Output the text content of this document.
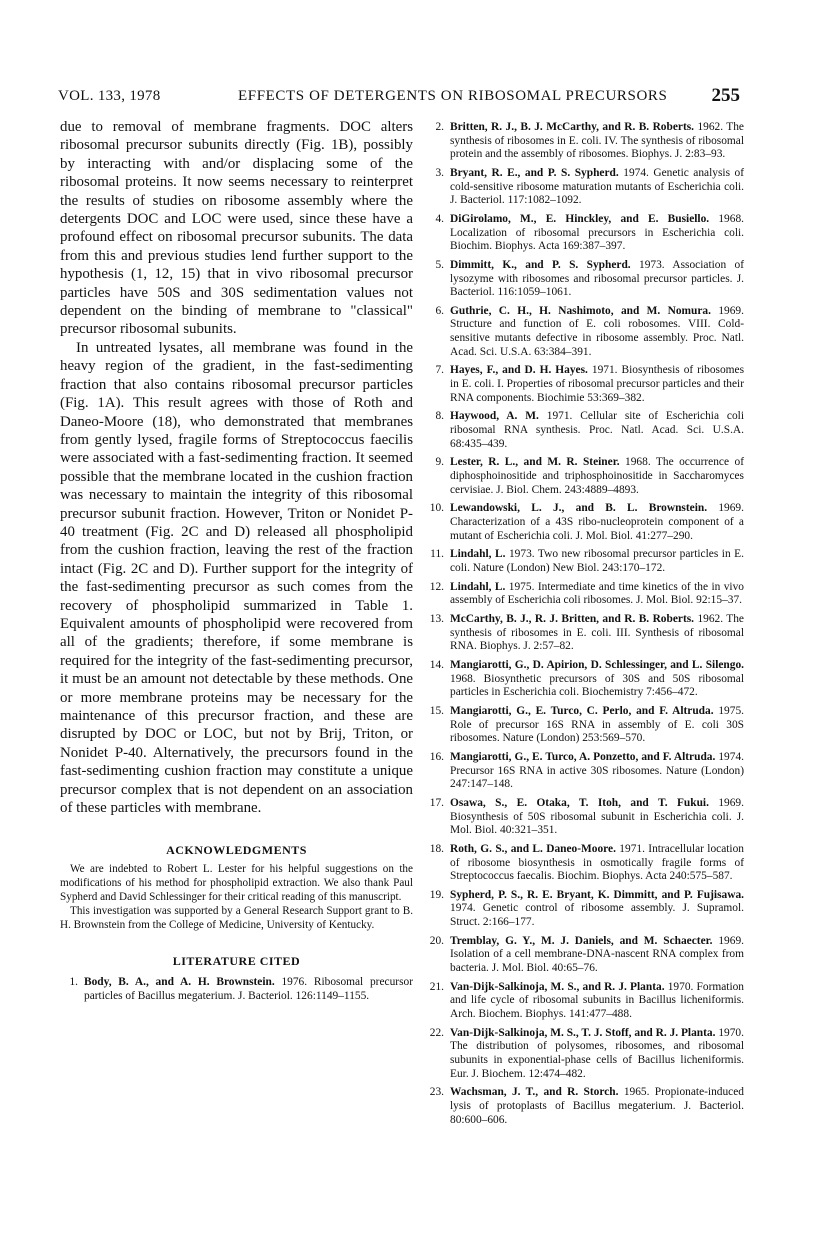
VOL. 133, 1978	EFFECTS OF DETERGENTS ON RIBOSOMAL PRECURSORS 255

due to removal of membrane fragments. DOC alters ribosomal precursor subunits directly (Fig. 1B), possibly by interacting with and/or displacing some of the ribosomal proteins. It now seems necessary to reinterpret the results of studies on ribosome assembly where the detergents DOC and LOC were used, since these have a profound effect on ribosomal precursor subunits. The data from this and previous studies lend further support to the hypothesis (1, 12, 15) that in vivo ribosomal precursor particles have 50S and 30S sedimentation values not dependent on the binding of membrane to "classical" precursor ribosomal subunits.

In untreated lysates, all membrane was found in the heavy region of the gradient, in the fast-sedimenting fraction that also contains ribosomal precursor particles (Fig. 1A). This result agrees with those of Roth and Daneo-Moore (18), who demonstrated that membranes from gently lysed, fragile forms of Streptococcus faecilis were associated with a fast-sedimenting fraction. It seemed possible that the membrane located in the cushion fraction was necessary to maintain the integrity of this ribosomal precursor subunit fraction. However, Triton or Nonidet P-40 treatment (Fig. 2C and D) released all phospholipid from the cushion fraction, leaving the rest of the fraction intact (Fig. 2C and D). Further support for the integrity of the fast-sedimenting precursor as such comes from the recovery of phospholipid summarized in Table 1. Equivalent amounts of phospholipid were recovered from all of the gradients; therefore, if some membrane is required for the integrity of the fast-sedimenting precursor, it must be an amount not detectable by these methods. One or more membrane proteins may be necessary for the maintenance of this precursor fraction, and these are disrupted by DOC or LOC, but not by Brij, Triton, or Nonidet P-40. Alternatively, the precursors found in the fast-sedimenting cushion fraction may constitute a unique precursor complex that is not dependent on an association of these particles with membrane.

ACKNOWLEDGMENTS

We are indebted to Robert L. Lester for his helpful suggestions on the modifications of his method for phospholipid extraction. We also thank Paul Sypherd and David Schlessinger for their critical reading of this manuscript.

This investigation was supported by a General Research Support grant to B. H. Brownstein from the College of Medicine, University of Kentucky.

LITERATURE CITED

1. Body, B. A., and A. H. Brownstein. 1976. Ribosomal precursor particles of Bacillus megaterium. J. Bacteriol. 126:1149–1155.
2. Britten, R. J., B. J. McCarthy, and R. B. Roberts. 1962. The synthesis of ribosomes in E. coli. IV. The synthesis of ribosomal protein and the assembly of ribosomes. Biophys. J. 2:83–93.
3. Bryant, R. E., and P. S. Sypherd. 1974. Genetic analysis of cold-sensitive ribosome maturation mutants of Escherichia coli. J. Bacteriol. 117:1082–1092.
4. DiGirolamo, M., E. Hinckley, and E. Busiello. 1968. Localization of ribosomal precursors in Escherichia coli. Biochim. Biophys. Acta 169:387–397.
5. Dimmitt, K., and P. S. Sypherd. 1973. Association of lysozyme with ribosomes and ribosomal precursor particles. J. Bacteriol. 116:1059–1061.
6. Guthrie, C. H., H. Nashimoto, and M. Nomura. 1969. Structure and function of E. coli robosomes. VIII. Cold-sensitive mutants defective in ribosome assembly. Proc. Natl. Acad. Sci. U.S.A. 63:384–391.
7. Hayes, F., and D. H. Hayes. 1971. Biosynthesis of ribosomes in E. coli. I. Properties of ribosomal precursor particles and their RNA components. Biochimie 53:369–382.
8. Haywood, A. M. 1971. Cellular site of Escherichia coli ribosomal RNA synthesis. Proc. Natl. Acad. Sci. U.S.A. 68:435–439.
9. Lester, R. L., and M. R. Steiner. 1968. The occurrence of diphosphoinositide and triphosphoinositide in Saccharomyces cervisiae. J. Biol. Chem. 243:4889–4893.
10. Lewandowski, L. J., and B. L. Brownstein. 1969. Characterization of a 43S ribo-nucleoprotein component of a mutant of Escherichia coli. J. Mol. Biol. 41:277–290.
11. Lindahl, L. 1973. Two new ribosomal precursor particles in E. coli. Nature (London) New Biol. 243:170–172.
12. Lindahl, L. 1975. Intermediate and time kinetics of the in vivo assembly of Escherichia coli ribosomes. J. Mol. Biol. 92:15–37.
13. McCarthy, B. J., R. J. Britten, and R. B. Roberts. 1962. The synthesis of ribosomes in E. coli. III. Synthesis of ribosomal RNA. Biophys. J. 2:57–82.
14. Mangiarotti, G., D. Apirion, D. Schlessinger, and L. Silengo. 1968. Biosynthetic precursors of 30S and 50S ribosomal particles in Escherichia coli. Biochemistry 7:456–472.
15. Mangiarotti, G., E. Turco, C. Perlo, and F. Altruda. 1975. Role of precursor 16S RNA in assembly of E. coli 30S ribosomes. Nature (London) 253:569–570.
16. Mangiarotti, G., E. Turco, A. Ponzetto, and F. Altruda. 1974. Precursor 16S RNA in active 30S ribosomes. Nature (London) 247:147–148.
17. Osawa, S., E. Otaka, T. Itoh, and T. Fukui. 1969. Biosynthesis of 50S ribosomal subunit in Escherichia coli. J. Mol. Biol. 40:321–351.
18. Roth, G. S., and L. Daneo-Moore. 1971. Intracellular location of ribosome biosynthesis in osmotically fragile forms of Streptococcus faecalis. Biochim. Biophys. Acta 240:575–587.
19. Sypherd, P. S., R. E. Bryant, K. Dimmitt, and P. Fujisawa. 1974. Genetic control of ribosome assembly. J. Supramol. Struct. 2:166–177.
20. Tremblay, G. Y., M. J. Daniels, and M. Schaecter. 1969. Isolation of a cell membrane-DNA-nascent RNA complex from bacteria. J. Mol. Biol. 40:65–76.
21. Van-Dijk-Salkinoja, M. S., and R. J. Planta. 1970. Formation and life cycle of ribosomal subunits in Bacillus licheniformis. Arch. Biochem. Biophys. 141:477–488.
22. Van-Dijk-Salkinoja, M. S., T. J. Stoff, and R. J. Planta. 1970. The distribution of polysomes, ribosomes, and ribosomal subunits in exponential-phase cells of Bacillus licheniformis. Eur. J. Biochem. 12:474–482.
23. Wachsman, J. T., and R. Storch. 1965. Propionate-induced lysis of protoplasts of Bacillus megaterium. J. Bacteriol. 80:600–606.
